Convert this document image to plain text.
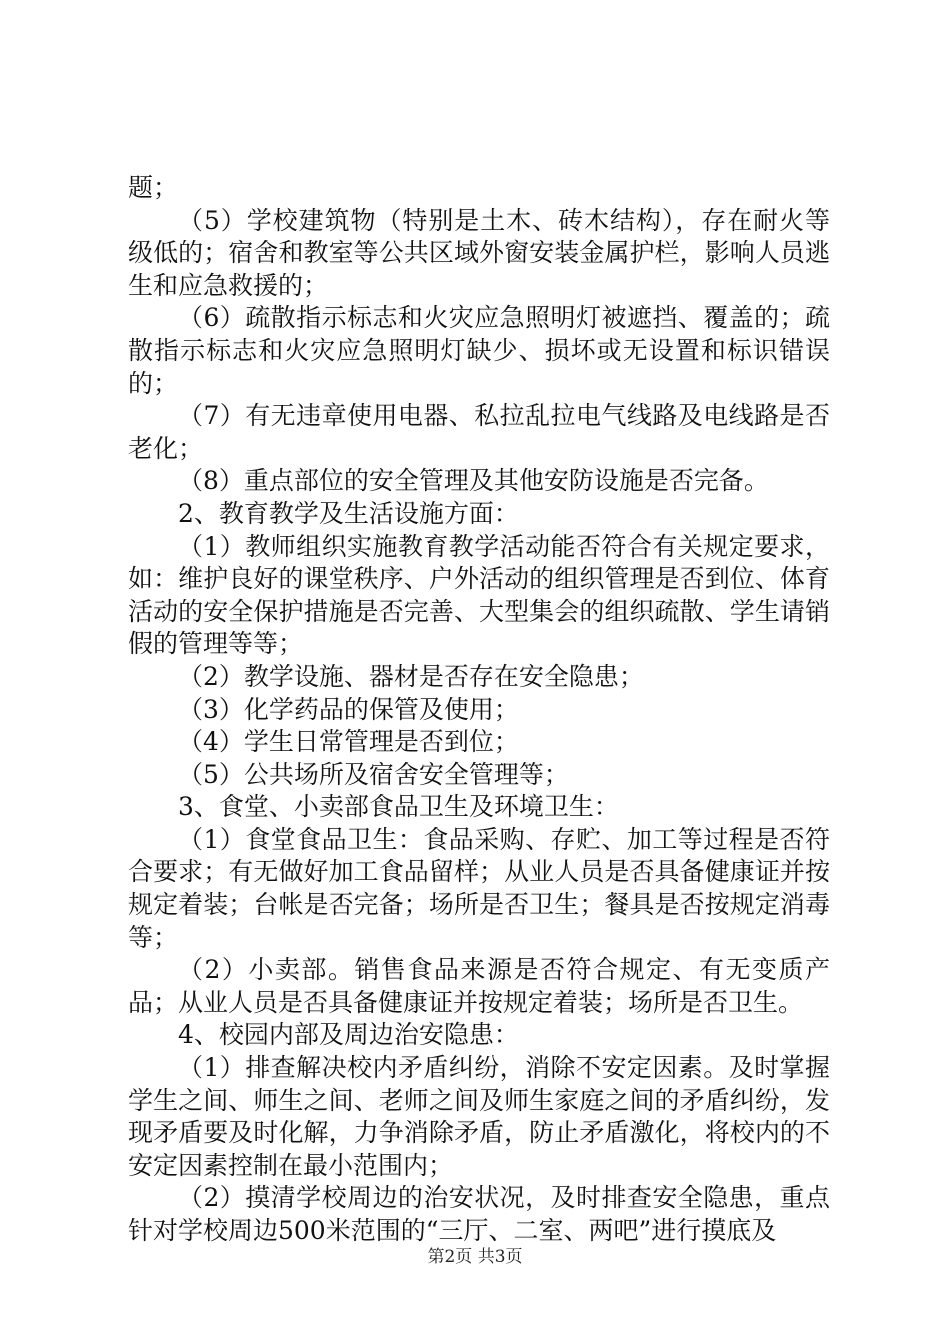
题；

（5）学校建筑物（特别是土木、砖木结构），存在耐火等级低的；宿舍和教室等公共区域外窗安装金属护栏，影响人员逃生和应急救援的；

（6）疏散指示标志和火灾应急照明灯被遮挡、覆盖的；疏散指示标志和火灾应急照明灯缺少、损坏或无设置和标识错误的；

（7）有无违章使用电器、私拉乱拉电气线路及电线路是否老化；

（8）重点部位的安全管理及其他安防设施是否完备。

2、教育教学及生活设施方面：

（1）教师组织实施教育教学活动能否符合有关规定要求，如：维护良好的课堂秩序、户外活动的组织管理是否到位、体育活动的安全保护措施是否完善、大型集会的组织疏散、学生请销假的管理等等；

（2）教学设施、器材是否存在安全隐患；

（3）化学药品的保管及使用；

（4）学生日常管理是否到位；

（5）公共场所及宿舍安全管理等；

3、食堂、小卖部食品卫生及环境卫生：

（1）食堂食品卫生：食品采购、存贮、加工等过程是否符合要求；有无做好加工食品留样；从业人员是否具备健康证并按规定着装；台帐是否完备；场所是否卫生；餐具是否按规定消毒等；

（2）小卖部。销售食品来源是否符合规定、有无变质产品；从业人员是否具备健康证并按规定着装；场所是否卫生。

4、校园内部及周边治安隐患：

（1）排查解决校内矛盾纠纷，消除不安定因素。及时掌握学生之间、师生之间、老师之间及师生家庭之间的矛盾纠纷，发现矛盾要及时化解，力争消除矛盾，防止矛盾激化，将校内的不安定因素控制在最小范围内；

（2）摸清学校周边的治安状况，及时排查安全隐患，重点针对学校周边500米范围的“三厅、二室、两吧”进行摸底及

第2页 共3页
